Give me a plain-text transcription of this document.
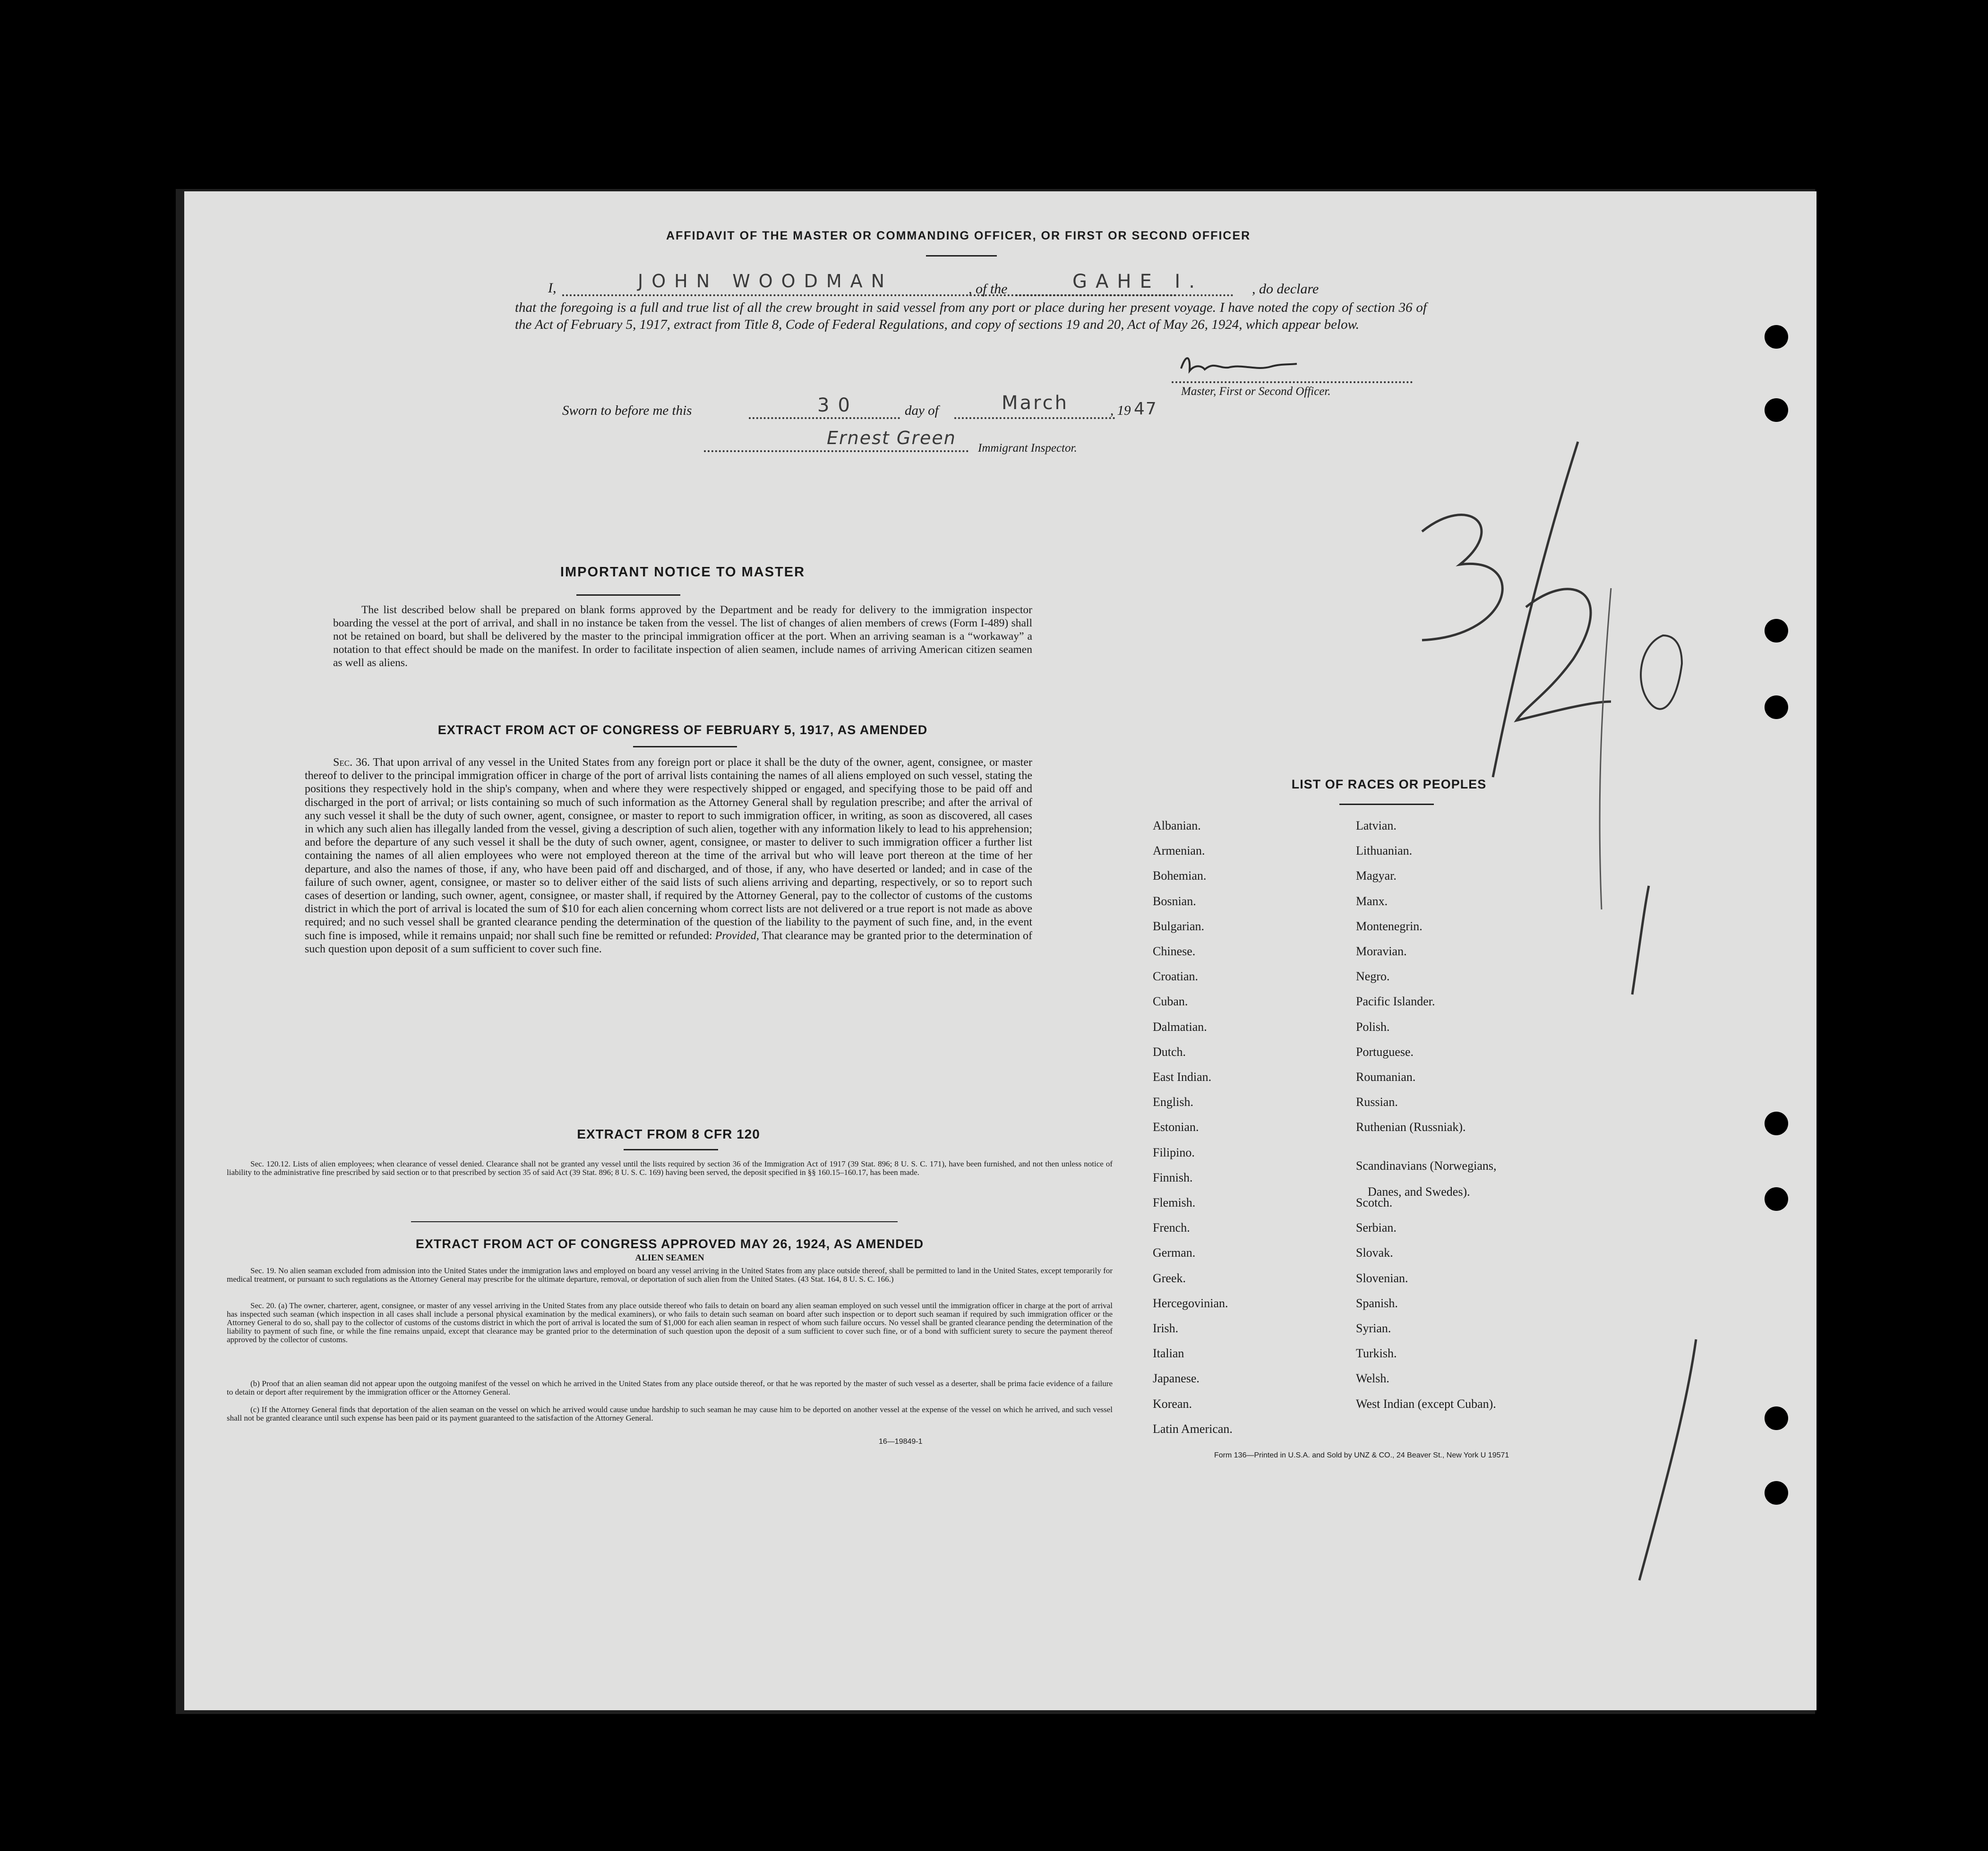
AFFIDAVIT OF THE MASTER OR COMMANDING OFFICER, OR FIRST OR SECOND OFFICER
I,	JOHN WOODMAN	, of the	GAHE I.	, do declare
that the foregoing is a full and true list of all the crew brought in said vessel from any port or place during her present voyage. I have noted the copy of section 36 of the Act of February 5, 1917, extract from Title 8, Code of Federal Regulations, and copy of sections 19 and 20, Act of May 26, 1924, which appear below.
Master, First or Second Officer.
Sworn to before me this	30	day of	March	, 19 47
Ernest Green Immigrant Inspector.
IMPORTANT NOTICE TO MASTER
The list described below shall be prepared on blank forms approved by the Department and be ready for delivery to the immigration inspector boarding the vessel at the port of arrival, and shall in no instance be taken from the vessel. The list of changes of alien members of crews (Form I-489) shall not be retained on board, but shall be delivered by the master to the principal immigration officer at the port. When an arriving seaman is a “workaway” a notation to that effect should be made on the manifest. In order to facilitate inspection of alien seamen, include names of arriving American citizen seamen as well as aliens.
EXTRACT FROM ACT OF CONGRESS OF FEBRUARY 5, 1917, AS AMENDED
Sec. 36. That upon arrival of any vessel in the United States from any foreign port or place it shall be the duty of the owner, agent, consignee, or master thereof to deliver to the principal immigration officer in charge of the port of arrival lists containing the names of all aliens employed on such vessel, stating the positions they respectively hold in the ship's company, when and where they were respectively shipped or engaged, and specifying those to be paid off and discharged in the port of arrival; or lists containing so much of such information as the Attorney General shall by regulation prescribe; and after the arrival of any such vessel it shall be the duty of such owner, agent, consignee, or master to report to such immigration officer, in writing, as soon as discovered, all cases in which any such alien has illegally landed from the vessel, giving a description of such alien, together with any information likely to lead to his apprehension; and before the departure of any such vessel it shall be the duty of such owner, agent, consignee, or master to deliver to such immigration officer a further list containing the names of all alien employees who were not employed thereon at the time of the arrival but who will leave port thereon at the time of her departure, and also the names of those, if any, who have been paid off and discharged, and of those, if any, who have deserted or landed; and in case of the failure of such owner, agent, consignee, or master so to deliver either of the said lists of such aliens arriving and departing, respectively, or so to report such cases of desertion or landing, such owner, agent, consignee, or master shall, if required by the Attorney General, pay to the collector of customs of the customs district in which the port of arrival is located the sum of $10 for each alien concerning whom correct lists are not delivered or a true report is not made as above required; and no such vessel shall be granted clearance pending the determination of the question of the liability to the payment of such fine, and, in the event such fine is imposed, while it remains unpaid; nor shall such fine be remitted or refunded: Provided, That clearance may be granted prior to the determination of such question upon deposit of a sum sufficient to cover such fine.
EXTRACT FROM 8 CFR 120
Sec. 120.12. Lists of alien employees; when clearance of vessel denied. Clearance shall not be granted any vessel until the lists required by section 36 of the Immigration Act of 1917 (39 Stat. 896; 8 U. S. C. 171), have been furnished, and not then unless notice of liability to the administrative fine prescribed by said section or to that prescribed by section 35 of said Act (39 Stat. 896; 8 U. S. C. 169) having been served, the deposit specified in §§ 160.15–160.17, has been made.
EXTRACT FROM ACT OF CONGRESS APPROVED MAY 26, 1924, AS AMENDED
ALIEN SEAMEN
Sec. 19. No alien seaman excluded from admission into the United States under the immigration laws and employed on board any vessel arriving in the United States from any place outside thereof, shall be permitted to land in the United States, except temporarily for medical treatment, or pursuant to such regulations as the Attorney General may prescribe for the ultimate departure, removal, or deportation of such alien from the United States. (43 Stat. 164, 8 U. S. C. 166.)
Sec. 20. (a) The owner, charterer, agent, consignee, or master of any vessel arriving in the United States from any place outside thereof who fails to detain on board any alien seaman employed on such vessel until the immigration officer in charge at the port of arrival has inspected such seaman (which inspection in all cases shall include a personal physical examination by the medical examiners), or who fails to detain such seaman on board after such inspection or to deport such seaman if required by such immigration officer or the Attorney General to do so, shall pay to the collector of customs of the customs district in which the port of arrival is located the sum of $1,000 for each alien seaman in respect of whom such failure occurs. No vessel shall be granted clearance pending the determination of the liability to payment of such fine, or while the fine remains unpaid, except that clearance may be granted prior to the determination of such question upon the deposit of a sum sufficient to cover such fine, or of a bond with sufficient surety to secure the payment thereof approved by the collector of customs.
(b) Proof that an alien seaman did not appear upon the outgoing manifest of the vessel on which he arrived in the United States from any place outside thereof, or that he was reported by the master of such vessel as a deserter, shall be prima facie evidence of a failure to detain or deport after requirement by the immigration officer or the Attorney General.
(c) If the Attorney General finds that deportation of the alien seaman on the vessel on which he arrived would cause undue hardship to such seaman he may cause him to be deported on another vessel at the expense of the vessel on which he arrived, and such vessel shall not be granted clearance until such expense has been paid or its payment guaranteed to the satisfaction of the Attorney General.
16—19849-1
LIST OF RACES OR PEOPLES
Form 136—Printed in U.S.A. and Sold by UNZ & CO., 24 Beaver St., New York U 19571
Albanian.
Armenian.
Bohemian.
Bosnian.
Bulgarian.
Chinese.
Croatian.
Cuban.
Dalmatian.
Dutch.
East Indian.
English.
Estonian.
Filipino.
Finnish.
Flemish.
French.
German.
Greek.
Hercegovinian.
Irish.
Italian
Japanese.
Korean.
Latin American.
Latvian.
Lithuanian.
Magyar.
Manx.
Montenegrin.
Moravian.
Negro.
Pacific Islander.
Polish.
Portuguese.
Roumanian.
Russian.
Ruthenian (Russniak).
Scandinavians (Norwegians,
Danes, and Swedes).
Scotch.
Serbian.
Slovak.
Slovenian.
Spanish.
Syrian.
Turkish.
Welsh.
West Indian (except Cuban).
